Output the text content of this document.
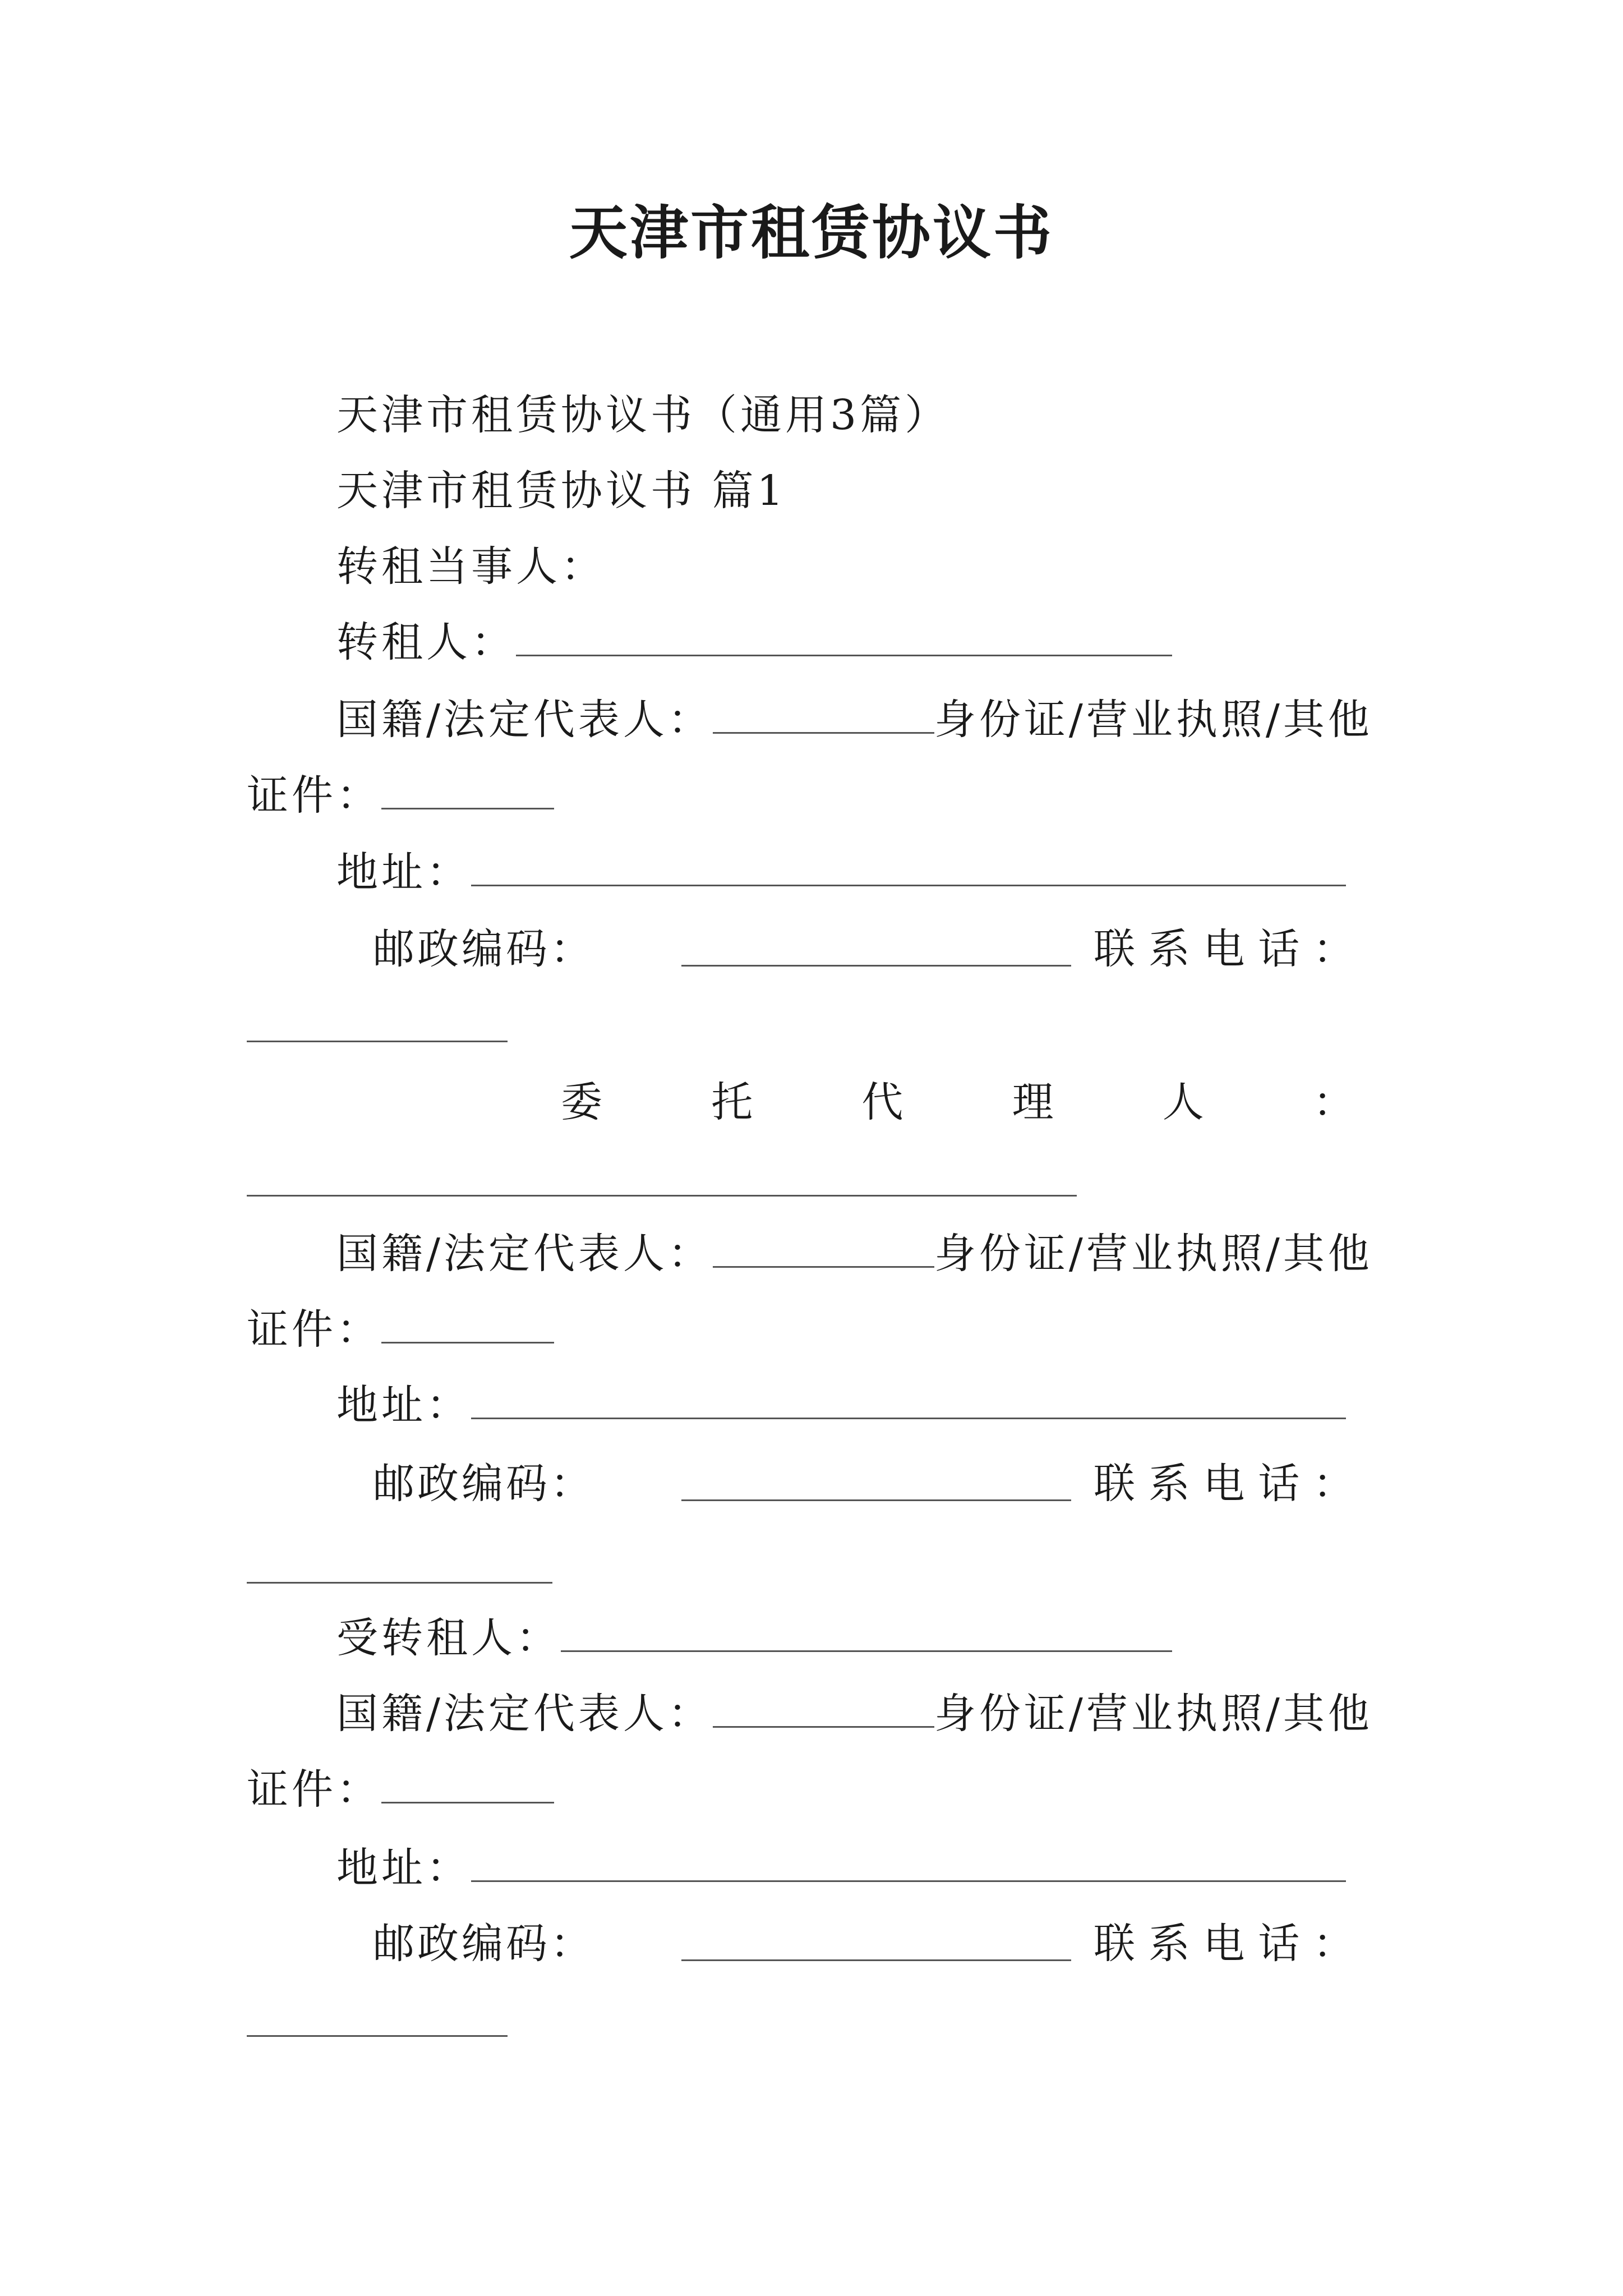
天津市租赁协议书
天津市租赁协议书（通用3篇）
天津市租赁协议书 篇1
转租当事人：
转租人：
国籍/法定代表人：	身份证/营业执照/其他
证件：
地址：
邮 政 编 码 ：	联 系 电 话 ：
委	托	代	理	人	：
国籍/法定代表人：	身份证/营业执照/其他
证件：
地址：
邮 政 编 码 ：	联 系 电 话 ：
受转租人：
国籍/法定代表人：	身份证/营业执照/其他
证件：
地址：
邮 政 编 码 ：	联 系 电 话 ：
